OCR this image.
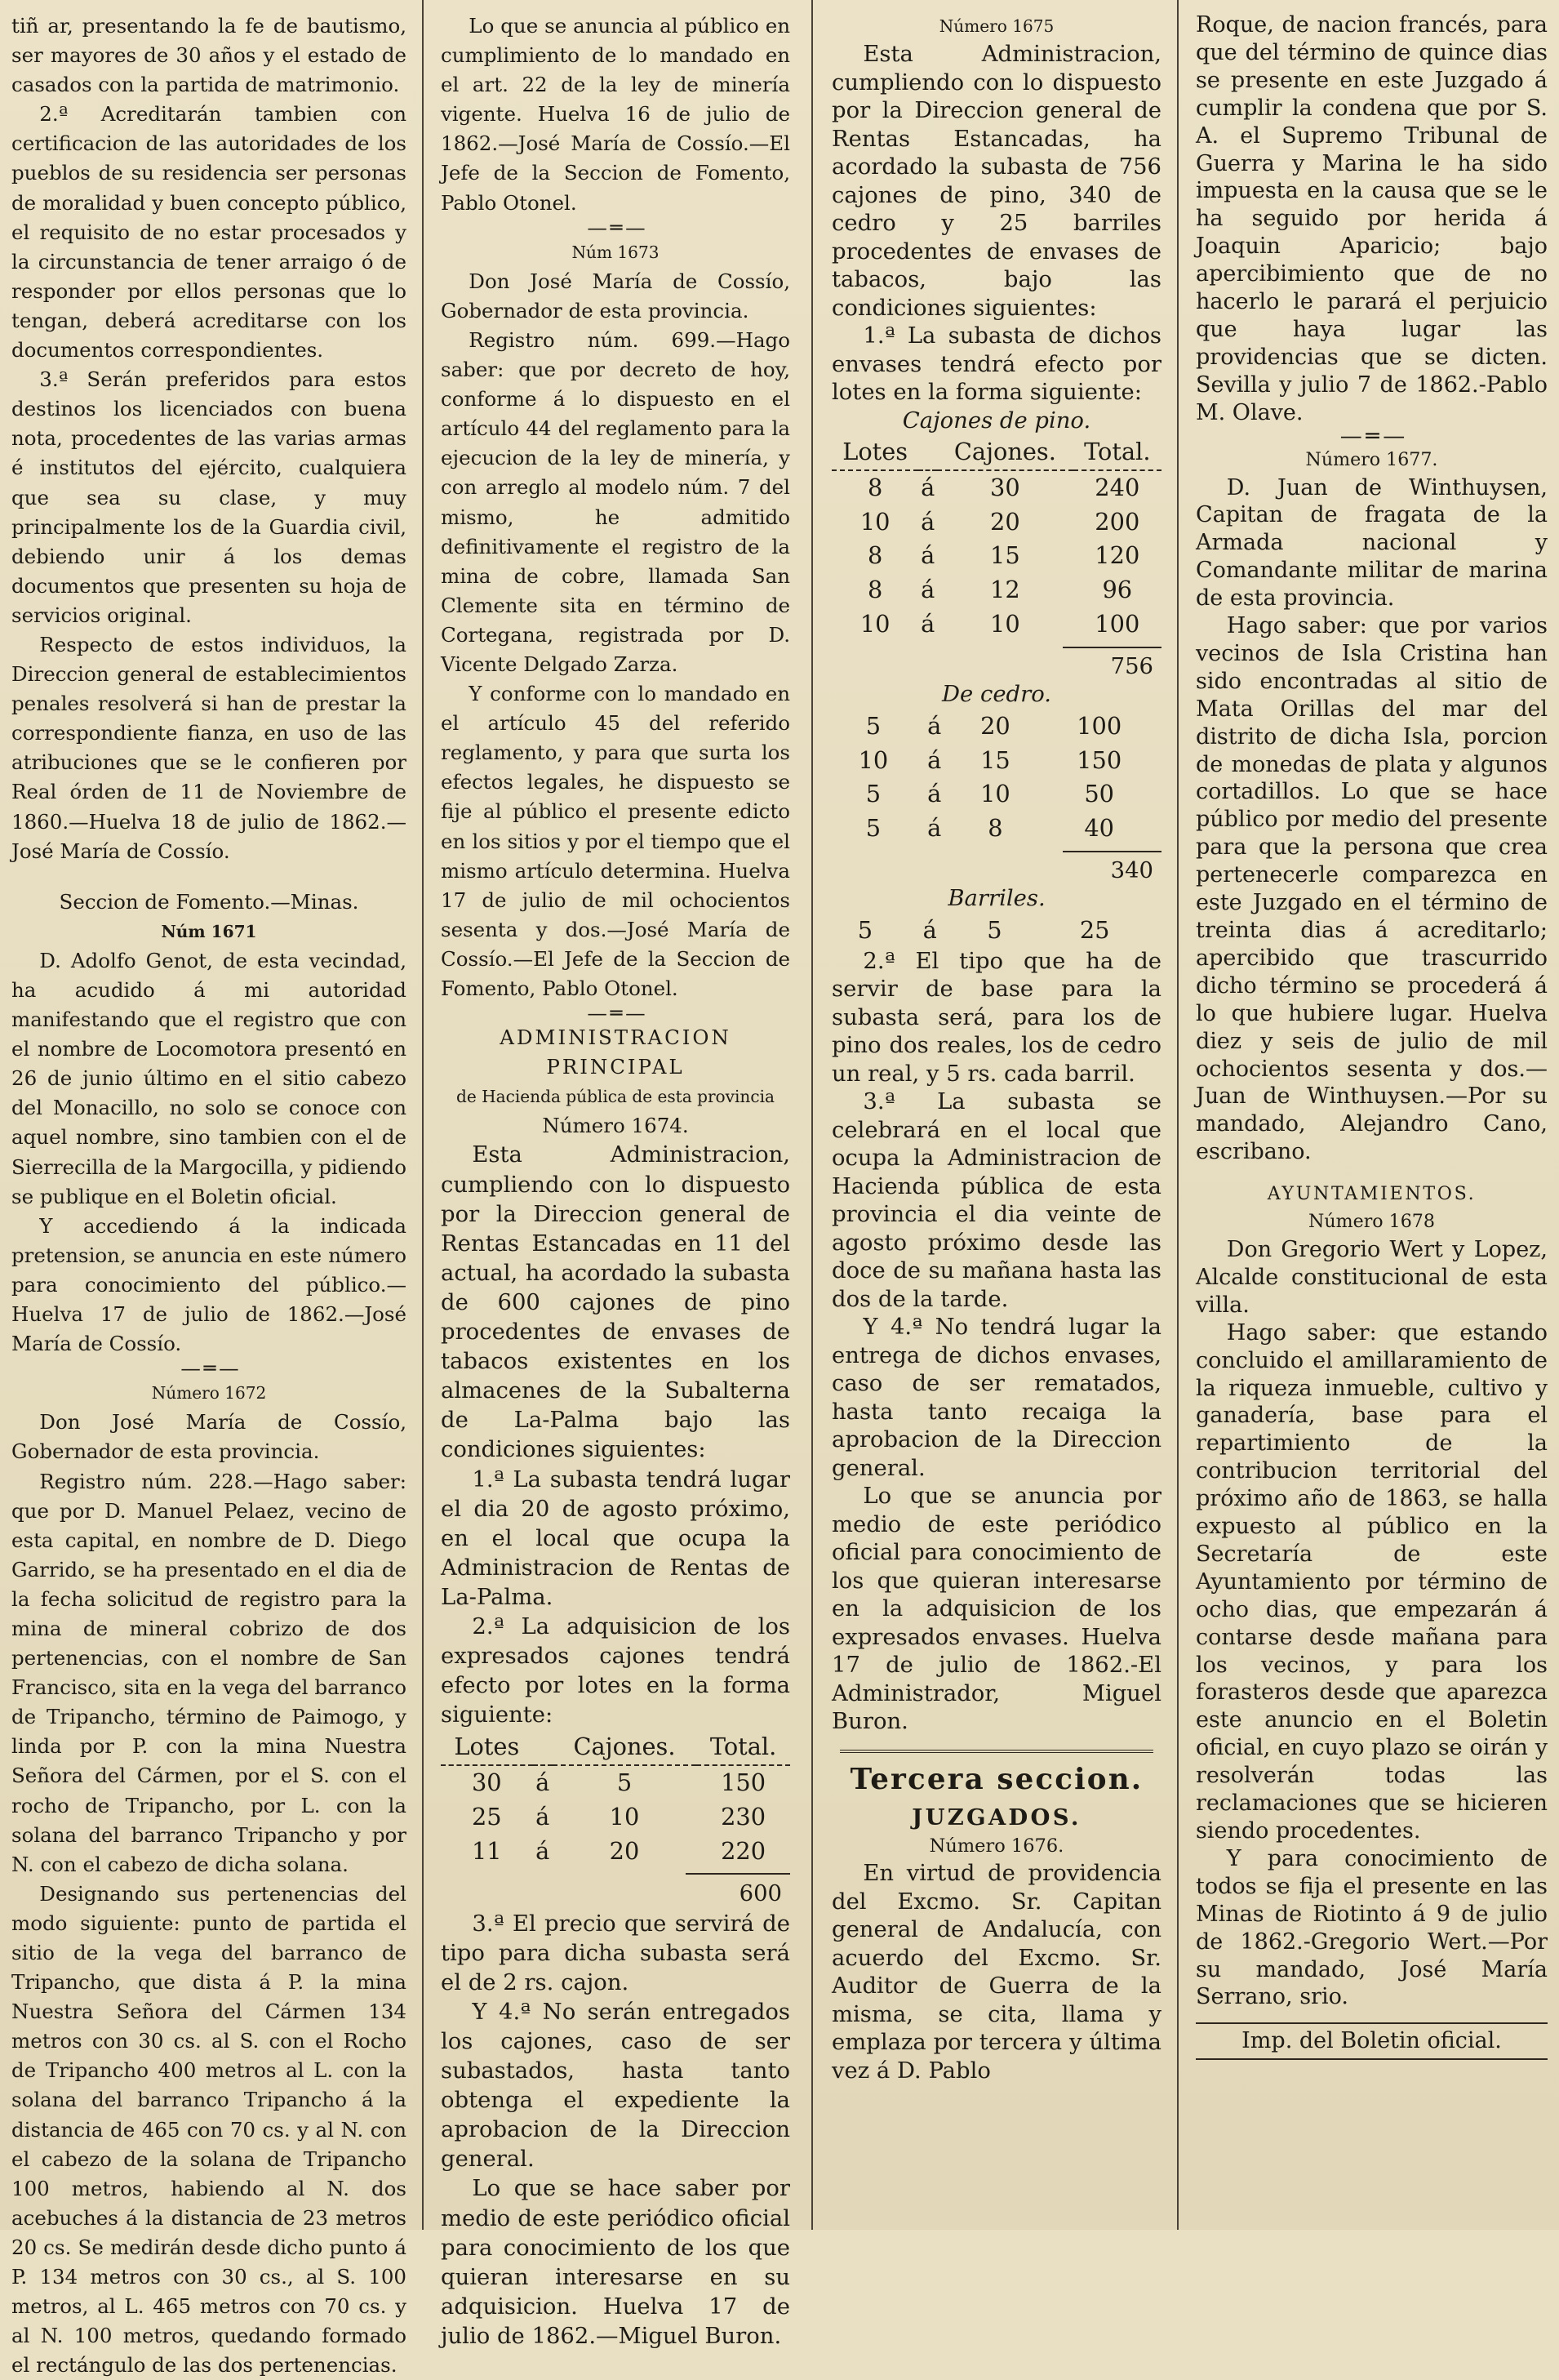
tiñ ar, presentando la fe de bautismo, ser mayores de 30 años y el estado de casados con la partida de matrimonio.

2.ª Acreditarán tambien con certificacion de las autoridades de los pueblos de su residencia ser personas de moralidad y buen concepto público, el requisito de no estar procesados y la circunstancia de tener arraigo ó de responder por ellos personas que lo tengan, deberá acreditarse con los documentos correspondientes.

3.ª Serán preferidos para estos destinos los licenciados con buena nota, procedentes de las varias armas é institutos del ejército, cualquiera que sea su clase, y muy principalmente los de la Guardia civil, debiendo unir á los demas documentos que presenten su hoja de servicios original.

Respecto de estos individuos, la Direccion general de establecimientos penales resolverá si han de prestar la correspondiente fianza, en uso de las atribuciones que se le confieren por Real órden de 11 de Noviembre de 1860.—Huelva 18 de julio de 1862.—José María de Cossío.

Seccion de Fomento.—Minas.

Núm 1671

D. Adolfo Genot, de esta vecindad, ha acudido á mi autoridad manifestando que el registro que con el nombre de Locomotora presentó en 26 de junio último en el sitio cabezo del Monacillo, no solo se conoce con aquel nombre, sino tambien con el de Sierrecilla de la Margocilla, y pidiendo se publique en el Boletin oficial.

Y accediendo á la indicada pretension, se anuncia en este número para conocimiento del público.—Huelva 17 de julio de 1862.—José María de Cossío.

— ═ —

Número 1672

Don José María de Cossío, Gobernador de esta provincia.

Registro núm. 228.—Hago saber: que por D. Manuel Pelaez, vecino de esta capital, en nombre de D. Diego Garrido, se ha presentado en el dia de la fecha solicitud de registro para la mina de mineral cobrizo de dos pertenencias, con el nombre de San Francisco, sita en la vega del barranco de Tripancho, término de Paimogo, y linda por P. con la mina Nuestra Señora del Cármen, por el S. con el rocho de Tripancho, por L. con la solana del barranco Tripancho y por N. con el cabezo de dicha solana.

Designando sus pertenencias del modo siguiente: punto de partida el sitio de la vega del barranco de Tripancho, que dista á P. la mina Nuestra Señora del Cármen 134 metros con 30 cs. al S. con el Rocho de Tripancho 400 metros al L. con la solana del barranco Tripancho á la distancia de 465 con 70 cs. y al N. con el cabezo de la solana de Tripancho 100 metros, habiendo al N. dos acebuches á la distancia de 23 metros 20 cs. Se medirán desde dicho punto á P. 134 metros con 30 cs., al S. 100 metros, al L. 465 metros con 70 cs. y al N. 100 metros, quedando formado el rectángulo de las dos pertenencias.

Lo que se anuncia al público en cumplimiento de lo mandado en el art. 22 de la ley de minería vigente. Huelva 16 de julio de 1862.—José María de Cossío.—El Jefe de la Seccion de Fomento, Pablo Otonel.

— ═ —

Núm 1673

Don José María de Cossío, Gobernador de esta provincia.

Registro núm. 699.—Hago saber: que por decreto de hoy, conforme á lo dispuesto en el artículo 44 del reglamento para la ejecucion de la ley de minería, y con arreglo al modelo núm. 7 del mismo, he admitido definitivamente el registro de la mina de cobre, llamada San Clemente sita en término de Cortegana, registrada por D. Vicente Delgado Zarza.

Y conforme con lo mandado en el artículo 45 del referido reglamento, y para que surta los efectos legales, he dispuesto se fije al público el presente edicto en los sitios y por el tiempo que el mismo artículo determina. Huelva 17 de julio de mil ochocientos sesenta y dos.—José María de Cossío.—El Jefe de la Seccion de Fomento, Pablo Otonel.

— ═ —

ADMINISTRACION PRINCIPAL

de Hacienda pública de esta provincia

Número 1674.

Esta Administracion, cumpliendo con lo dispuesto por la Direccion general de Rentas Estancadas en 11 del actual, ha acordado la subasta de 600 cajones de pino procedentes de envases de tabacos existentes en los almacenes de la Subalterna de La-Palma bajo las condiciones siguientes:

1.ª La subasta tendrá lugar el dia 20 de agosto próximo, en el local que ocupa la Administracion de Rentas de La-Palma.

2.ª La adquisicion de los expresados cajones tendrá efecto por lotes en la forma siguiente:

Lotes		Cajones.	Total.
30	á	5	150
25	á	10	230
11	á	20	220

600

3.ª El precio que servirá de tipo para dicha subasta será el de 2 rs. cajon.

Y 4.ª No serán entregados los cajones, caso de ser subastados, hasta tanto obtenga el expediente la aprobacion de la Direccion general.

Lo que se hace saber por medio de este periódico oficial para conocimiento de los que quieran interesarse en su adquisicion. Huelva 17 de julio de 1862.—Miguel Buron.

Número 1675

Esta Administracion, cumpliendo con lo dispuesto por la Direccion general de Rentas Estancadas, ha acordado la subasta de 756 cajones de pino, 340 de cedro y 25 barriles procedentes de envases de tabacos, bajo las condiciones siguientes:

1.ª La subasta de dichos envases tendrá efecto por lotes en la forma siguiente:

Cajones de pino.

Lotes		Cajones.	Total.
8	á	30	240
10	á	20	200
8	á	15	120
8	á	12	96
10	á	10	100

756

De cedro.

5	á	20	100
10	á	15	150
5	á	10	50
5	á	8	40

340

Barriles.

5	á	5	25

2.ª El tipo que ha de servir de base para la subasta será, para los de pino dos reales, los de cedro un real, y 5 rs. cada barril.

3.ª La subasta se celebrará en el local que ocupa la Administracion de Hacienda pública de esta provincia el dia veinte de agosto próximo desde las doce de su mañana hasta las dos de la tarde.

Y 4.ª No tendrá lugar la entrega de dichos envases, caso de ser rematados, hasta tanto recaiga la aprobacion de la Direccion general.

Lo que se anuncia por medio de este periódico oficial para conocimiento de los que quieran interesarse en la adquisicion de los expresados envases. Huelva 17 de julio de 1862.-El Administrador, Miguel Buron.

Tercera seccion.

JUZGADOS.

Número 1676.

En virtud de providencia del Excmo. Sr. Capitan general de Andalucía, con acuerdo del Excmo. Sr. Auditor de Guerra de la misma, se cita, llama y emplaza por tercera y última vez á D. Pablo

Roque, de nacion francés, para que del término de quince dias se presente en este Juzgado á cumplir la condena que por S. A. el Supremo Tribunal de Guerra y Marina le ha sido impuesta en la causa que se le ha seguido por herida á Joaquin Aparicio; bajo apercibimiento que de no hacerlo le parará el perjuicio que haya lugar las providencias que se dicten. Sevilla y julio 7 de 1862.-Pablo M. Olave.

— ═ —

Número 1677.

D. Juan de Winthuysen, Capitan de fragata de la Armada nacional y Comandante militar de marina de esta provincia.

Hago saber: que por varios vecinos de Isla Cristina han sido encontradas al sitio de Mata Orillas del mar del distrito de dicha Isla, porcion de monedas de plata y algunos cortadillos. Lo que se hace público por medio del presente para que la persona que crea pertenecerle comparezca en este Juzgado en el término de treinta dias á acreditarlo; apercibido que trascurrido dicho término se procederá á lo que hubiere lugar. Huelva diez y seis de julio de mil ochocientos sesenta y dos.—Juan de Winthuysen.—Por su mandado, Alejandro Cano, escribano.

AYUNTAMIENTOS.

Número 1678

Don Gregorio Wert y Lopez, Alcalde constitucional de esta villa.

Hago saber: que estando concluido el amillaramiento de la riqueza inmueble, cultivo y ganadería, base para el repartimiento de la contribucion territorial del próximo año de 1863, se halla expuesto al público en la Secretaría de este Ayuntamiento por término de ocho dias, que empezarán á contarse desde mañana para los vecinos, y para los forasteros desde que aparezca este anuncio en el Boletin oficial, en cuyo plazo se oirán y resolverán todas las reclamaciones que se hicieren siendo procedentes.

Y para conocimiento de todos se fija el presente en las Minas de Riotinto á 9 de julio de 1862.-Gregorio Wert.—Por su mandado, José María Serrano, srio.

Imp. del Boletin oficial.
